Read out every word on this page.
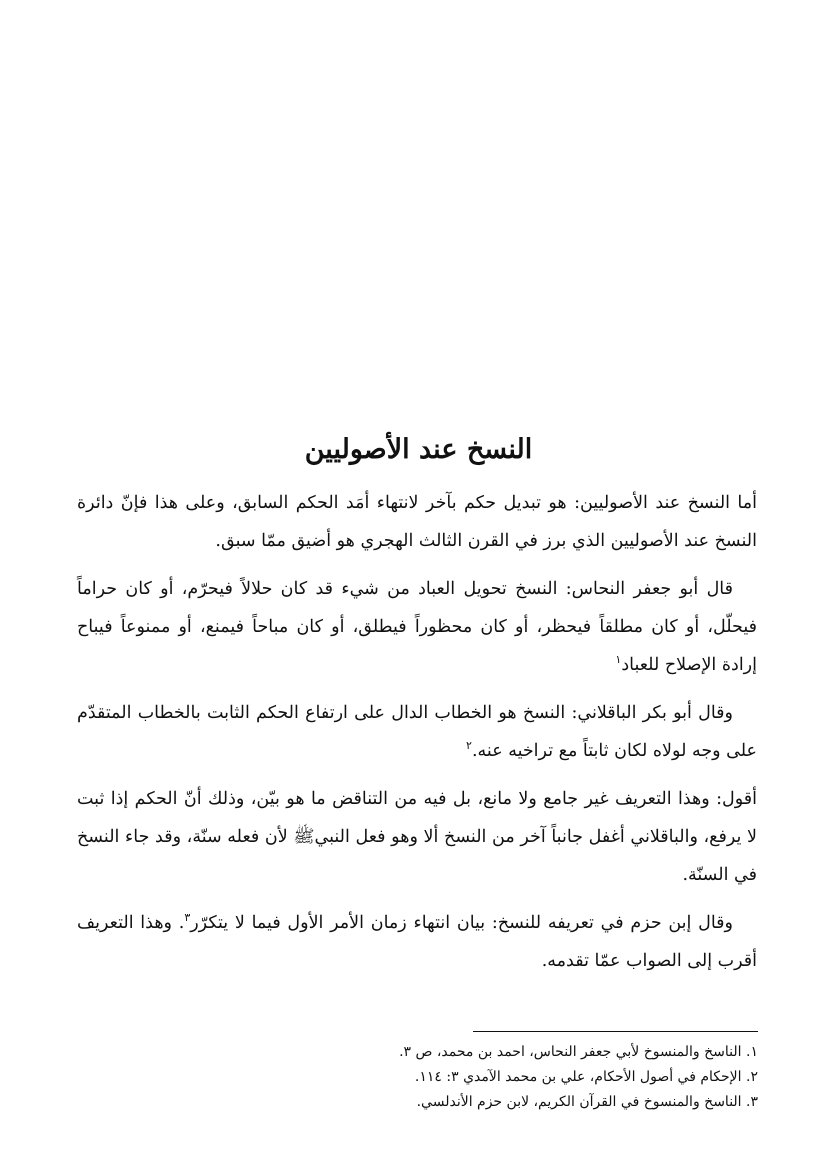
النسخ عند الأصوليين

أما النسخ عند الأصوليين: هو تبديل حكم بآخر لانتهاء أمَد الحكم السابق، وعلى هذا فإنّ دائرة النسخ عند الأصوليين الذي برز في القرن الثالث الهجري هو أضيق ممّا سبق.

قال أبو جعفر النحاس: النسخ تحويل العباد من شيء قد كان حلالاً فيحرّم، أو كان حراماً فيحلّل، أو كان مطلقاً فيحظر، أو كان محظوراً فيطلق، أو كان مباحاً فيمنع، أو ممنوعاً فيباح إرادة الإصلاح للعباد$^١$

وقال أبو بكر الباقلاني: النسخ هو الخطاب الدال على ارتفاع الحكم الثابت بالخطاب المتقدّم على وجه لولاه لكان ثابتاً مع تراخيه عنه.$^٢$

أقول: وهذا التعريف غير جامع ولا مانع، بل فيه من التناقض ما هو بيّن، وذلك أنّ الحكم إذا ثبت لا يرفع، والباقلاني أغفل جانباً آخر من النسخ ألا وهو فعل النبيﷺ لأن فعله سنّة، وقد جاء النسخ في السنّة.

وقال إبن حزم في تعريفه للنسخ: بيان انتهاء زمان الأمر الأول فيما لا يتكرّر$^٣$. وهذا التعريف أقرب إلى الصواب عمّا تقدمه.

١. الناسخ والمنسوخ لأبي جعفر النحاس، احمد بن محمد، ص ٣.

٢. الإحكام في أصول الأحكام، علي بن محمد الآمدي ٣: ١١٤.

٣. الناسخ والمنسوخ في القرآن الكريم، لابن حزم الأندلسي.
